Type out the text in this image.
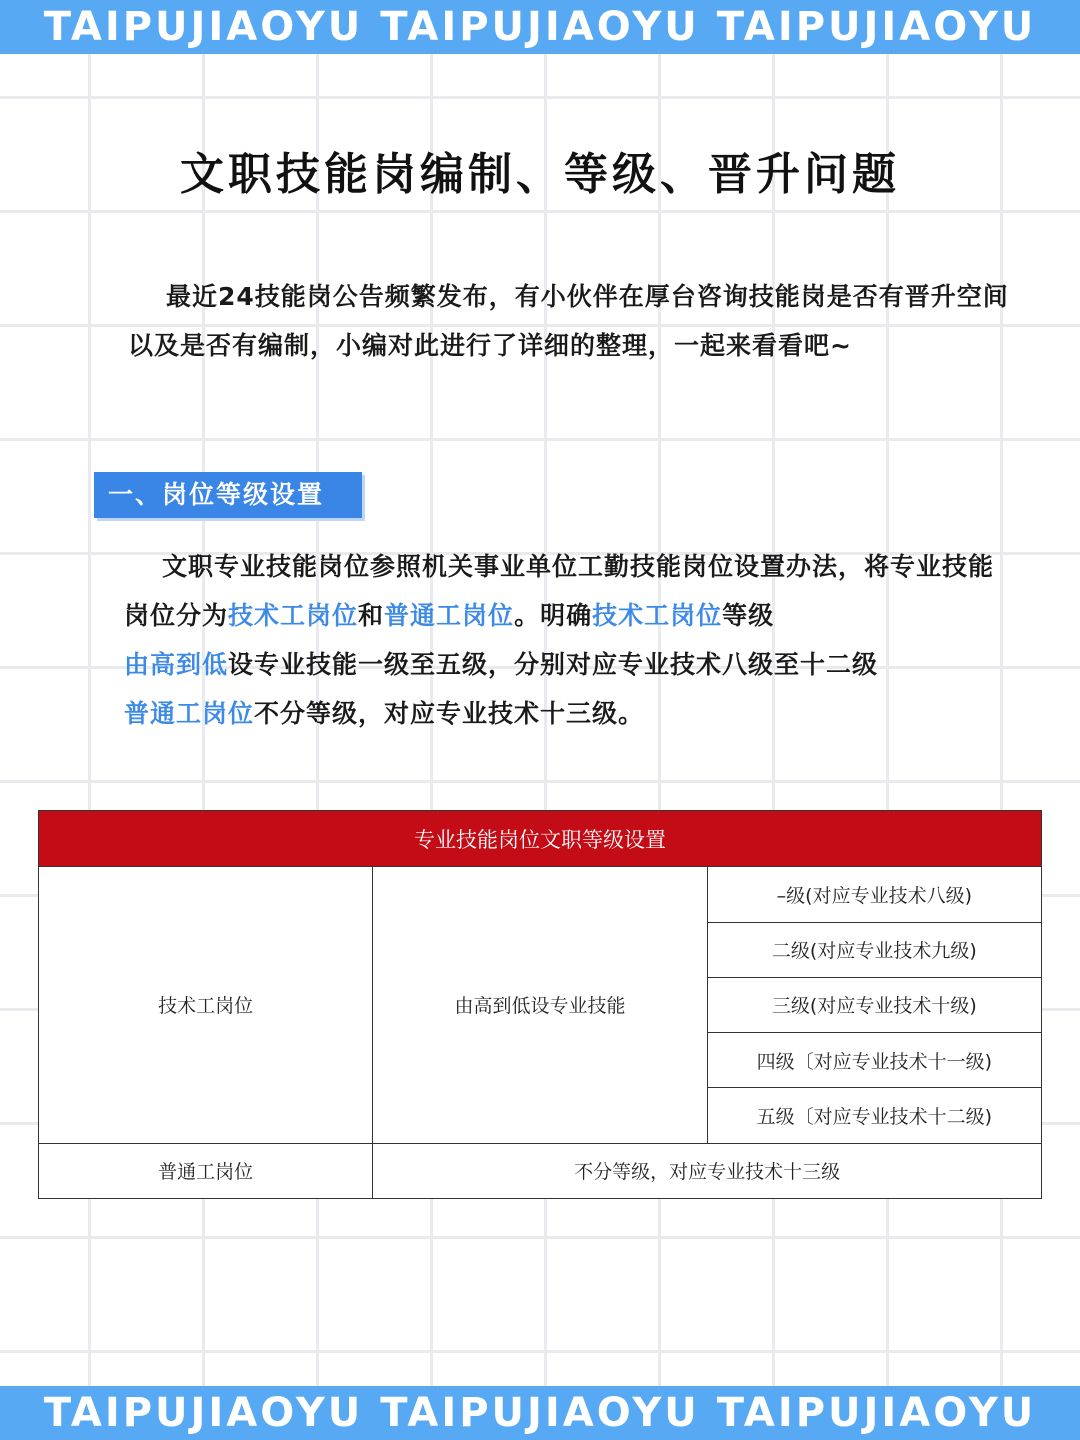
TAIPUJIAOYU TAIPUJIAOYU TAIPUJIAOYU
文职技能岗编制、等级、晋升问题
最近24技能岗公告频繁发布，有小伙伴在厚台咨询技能岗是否有晋升空间以及是否有编制，小编对此进行了详细的整理，一起来看看吧~
一、岗位等级设置
文职专业技能岗位参照机关事业单位工勤技能岗位设置办法，将专业技能岗位分为技术工岗位和普通工岗位。明确技术工岗位等级
由高到低设专业技能一级至五级，分别对应专业技术八级至十二级
普通工岗位不分等级，对应专业技术十三级。
专业技能岗位文职等级设置		
技术工岗位	由高到低设专业技能	–级(对应专业技术八级)
		二级(对应专业技术九级)
		三级(对应专业技术十级)
		四级〔对应专业技术十一级)
		五级〔对应专业技术十二级)
普通工岗位	不分等级，对应专业技术十三级	
TAIPUJIAOYU TAIPUJIAOYU TAIPUJIAOYU
